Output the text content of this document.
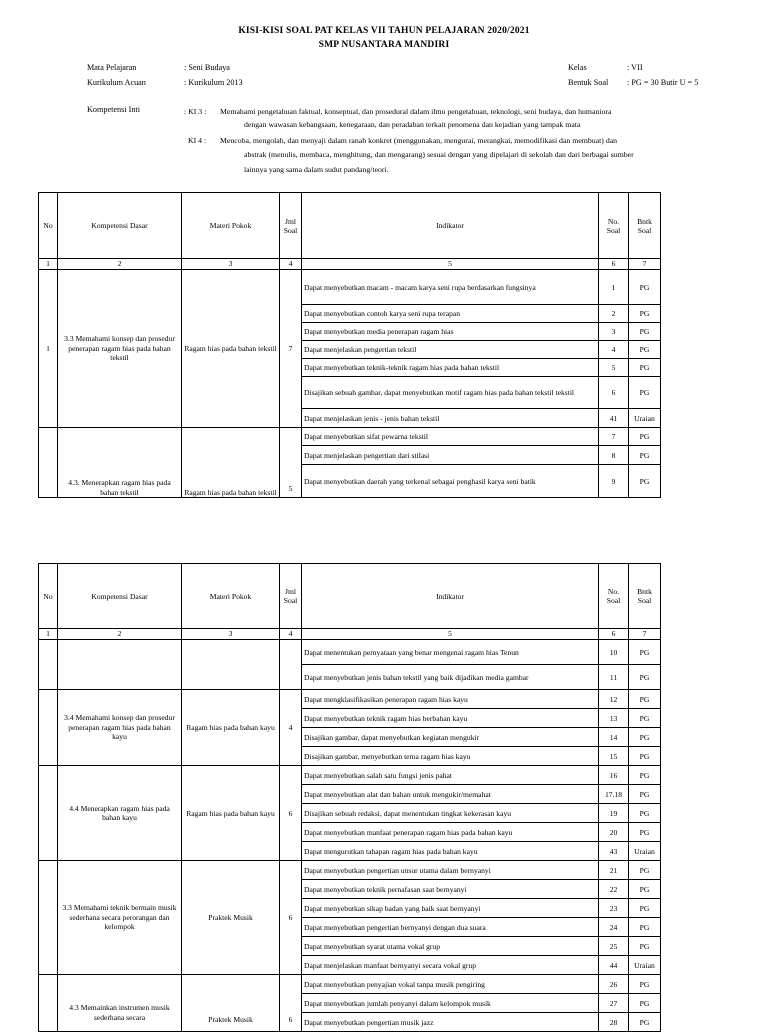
KISI-KISI SOAL PAT KELAS VII TAHUN PELAJARAN 2020/2021
SMP NUSANTARA MANDIRI
Mata Pelajaran	: Seni Budaya
Kurikulum Acuan	: Kurikulum 2013
Kelas	: VII
Bentuk Soal : PG = 30 Butir U = 5
Kompetensi Inti	: KI 3 :	Memahami pengetahuan faktual, konseptual, dan prosedural dalam ilmu pengetahuan, teknologi, seni budaya, dan humaniora
dengan wawasan kebangsaan, kenegaraan, dan peradaban terkait penomena dan kejadian yang tampak mata
KI 4 :	Mencoba, mengolah, dan menyaji dalam ranah konkret (menggunakan, mengurai, merangkai, memodifikasi dan membuat) dan
abstrak (menulis, membaca, menghitung, dan mengarang) sesuai dengan yang dipelajari di sekolah dan dari berbagai sumber
lainnya yang sama dalam sudut pandang/teori.
No	Kompetensi Dasar	Materi Pokok	Jml Soal	Indikator	No. Soal	Bntk Soal
1	2	3	4	5	6	7
1	3.3 Memahami konsep dan prosedur penerapan ragam hias pada bahan tekstil	Ragam hias pada bahan tekstil	7	Dapat menyebutkan macam - macam karya seni rupa berdasarkan fungsinya	1	PG
				Dapat menyebutkan contoh karya seni rupa terapan	2	PG
				Dapat menyebutkan media penerapan ragam hias	3	PG
				Dapat menjelaskan pengertian tekstil	4	PG
				Dapat menyebutkan teknik-teknik ragam hias pada bahan tekstil	5	PG
				Disajikan sebuah gambar, dapat menyebutkan motif ragam hias pada bahan tekstil tekstil	6	PG
				Dapat menjelaskan jenis - jenis bahan tekstil	41	Uraian
	4.3. Menerapkan ragam hias pada bahan tekstil	Ragam hias pada bahan tekstil	5	Dapat menyebutkan sifat pewarna tekstil	7	PG
				Dapat menjelaskan pengertian dari stilasi	8	PG
				Dapat menyebutkan daerah yang terkenal sebagai penghasil karya seni batik	9	PG
No	Kompetensi Dasar	Materi Pokok	Jml Soal	Indikator	No. Soal	Bntk Soal
1	2	3	4	5	6	7
				Dapat menentukan pernyataan yang benar mengenai ragam hias Tenun	10	PG
				Dapat menyebutkan jenis bahan tekstil yang baik dijadikan media gambar	11	PG
	3.4 Memahami konsep dan prosedur penerapan ragam hias pada bahan kayu	Ragam hias pada bahan kayu	4	Dapat mengklasifikasikan penerapan ragam hias kayu	12	PG
				Dapat menyebutkan teknik ragam hias berbahan kayu	13	PG
				Disajikan gambar, dapat menyebutkan kegiatan mengukir	14	PG
				Disajikan gambar, menyebutkan tema ragam hias kayu	15	PG
	4.4 Menerapkan ragam hias pada bahan kayu	Ragam hias pada bahan kayu	6	Dapat menyebutkan salah satu fungsi jenis pahat	16	PG
				Dapat menyebutkan alat dan bahan untuk mengukir/memahat	17.18	PG
				Disajikan sebuah redaksi, dapat menentukan tingkat kekerasan kayu	19	PG
				Dapat menyebutkan manfaat penerapan ragam hias pada bahan kayu	20	PG
				Dapat mengurutkan tahapan ragam hias pada bahan kayu	43	Uraian
	3.3 Memahami teknik bermain musik sederhana secara perorangan dan kelompok	Praktek Musik	6	Dapat menyebutkan pengertian unsur utama dalam bernyanyi	21	PG
				Dapat menyebutkan teknik pernafasan saat bernyanyi	22	PG
				Dapat menyebutkan sikap badan yang baik saat bernyanyi	23	PG
				Dapat menyebutkan pengertian bernyanyi dengan dua suara	24	PG
				Dapat menyebutkan syarat utama vokal grup	25	PG
				Dapat menjelaskan manfaat bernyanyi secara vokal grup	44	Uraian
	4.3 Memainkan instrumen musik sederhana secara	Praktek Musik	6	Dapat menyebutkan penyajian vokal tanpa musik pengiring	26	PG
				Dapat menyebutkan jumlah penyanyi dalam kelompok musik	27	PG
				Dapat menyebutkan pengertian musik jazz	28	PG
